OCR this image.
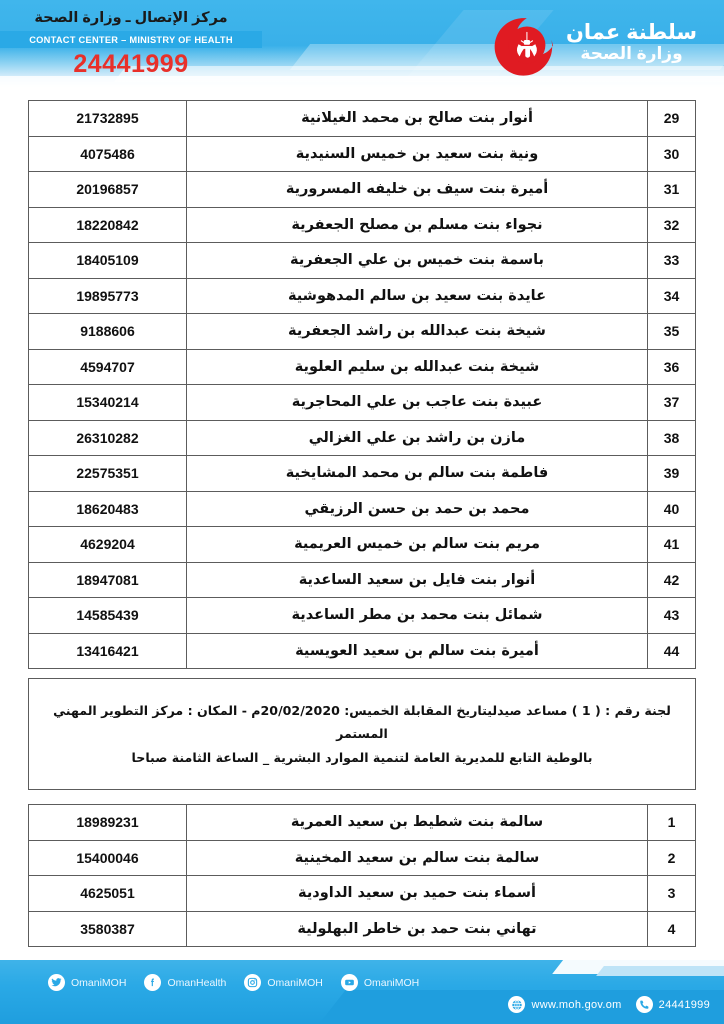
مركز الإتصال ـ وزارة الصحة
CONTACT CENTER – MINISTRY OF HEALTH
24441999
سلطنة عمان
وزارة الصحة
29	أنوار بنت صالح بن محمد الغيلانية	21732895
30	ونية بنت سعيد بن خميس السنيدية	4075486
31	أميرة بنت سيف بن خليفه المسرورية	20196857
32	نجواء بنت مسلم بن مصلح الجعفرية	18220842
33	باسمة بنت خميس بن علي الجعفرية	18405109
34	عايدة بنت سعيد بن سالم المدهوشية	19895773
35	شيخة بنت عبدالله بن راشد الجعفرية	9188606
36	شيخة بنت عبدالله بن سليم العلوية	4594707
37	عبيدة بنت عاجب بن علي المحاجرية	15340214
38	مازن بن راشد بن علي الغزالي	26310282
39	فاطمة بنت سالم بن محمد المشايخية	22575351
40	محمد بن حمد بن حسن الرزيقي	18620483
41	مريم بنت سالم بن خميس العريمية	4629204
42	أنوار بنت فايل بن سعيد الساعدية	18947081
43	شمائل بنت محمد بن مطر الساعدية	14585439
44	أميرة بنت سالم بن سعيد العويسية	13416421
لجنة رقم : ( 1 ) مساعد صيدليتاريخ المقابلة الخميس: 20/02/2020م - المكان : مركز التطوير المهني المستمر
بالوطية التابع للمديرية العامة لتنمية الموارد البشرية _ الساعة الثامنة صباحا
1	سالمة بنت شطيط بن سعيد العمرية	18989231
2	سالمة بنت سالم بن سعيد المخينية	15400046
3	أسماء بنت حميد بن سعيد الداودية	4625051
4	تهاني بنت حمد بن خاطر البهلولية	3580387
OmaniMOH	OmanHealth	OmaniMOH	OmaniMOH
www.moh.gov.om	24441999
